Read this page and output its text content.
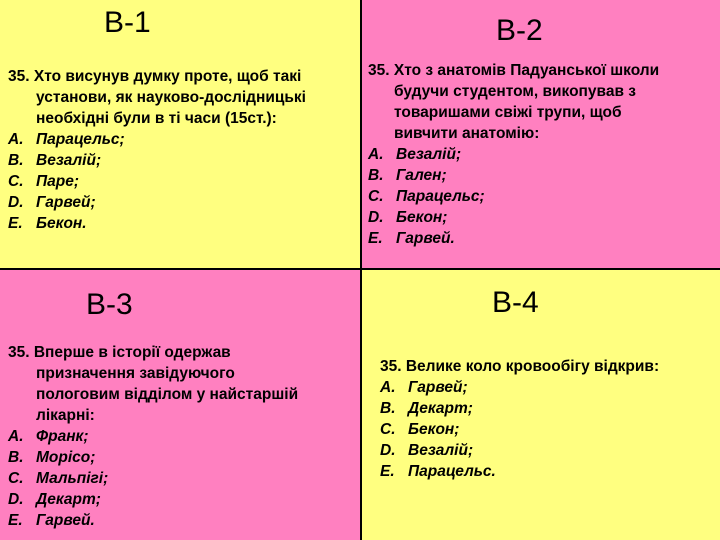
В-1
35. Хто висунув думку проте, щоб такі
установи, як науково-дослідницькі
необхідні були в ті часи (15ст.):
A. Парацельс;
B. Везалій;
C. Паре;
D. Гарвей;
E. Бекон.
В-2
35. Хто з анатомів Падуанської школи
будучи студентом, викопував з
товаришами свіжі трупи, щоб
вивчити анатомію:
A. Везалій;
B. Гален;
C. Парацельс;
D. Бекон;
E. Гарвей.
В-3
35. Вперше в історії одержав
призначення завідуючого
пологовим відділом у найстаршій
лікарні:
A. Франк;
B. Морісо;
C. Мальпігі;
D. Декарт;
E. Гарвей.
В-4
35. Велике коло кровообігу відкрив:
A. Гарвей;
B. Декарт;
C. Бекон;
D. Везалій;
E. Парацельс.
